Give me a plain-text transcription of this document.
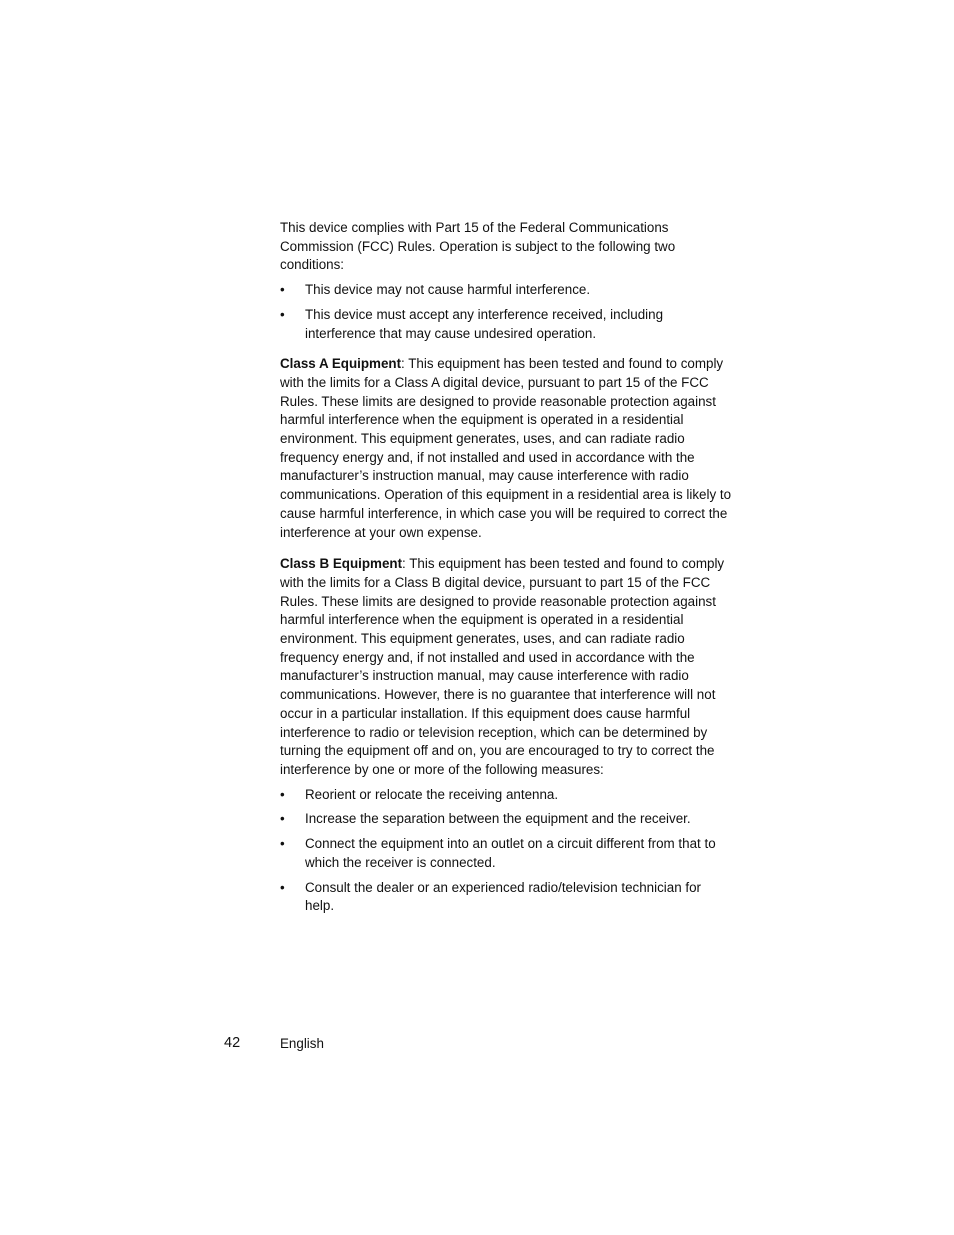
This device complies with Part 15 of the Federal Communications Commission (FCC) Rules. Operation is subject to the following two conditions:

• This device may not cause harmful interference.
• This device must accept any interference received, including interference that may cause undesired operation.

Class A Equipment: This equipment has been tested and found to comply with the limits for a Class A digital device, pursuant to part 15 of the FCC Rules. These limits are designed to provide reasonable protection against harmful interference when the equipment is operated in a residential environment. This equipment generates, uses, and can radiate radio frequency energy and, if not installed and used in accordance with the manufacturer’s instruction manual, may cause interference with radio communications. Operation of this equipment in a residential area is likely to cause harmful interference, in which case you will be required to correct the interference at your own expense.

Class B Equipment: This equipment has been tested and found to comply with the limits for a Class B digital device, pursuant to part 15 of the FCC Rules. These limits are designed to provide reasonable protection against harmful interference when the equipment is operated in a residential environment. This equipment generates, uses, and can radiate radio frequency energy and, if not installed and used in accordance with the manufacturer’s instruction manual, may cause interference with radio communications. However, there is no guarantee that interference will not occur in a particular installation. If this equipment does cause harmful interference to radio or television reception, which can be determined by turning the equipment off and on, you are encouraged to try to correct the interference by one or more of the following measures:

• Reorient or relocate the receiving antenna.
• Increase the separation between the equipment and the receiver.
• Connect the equipment into an outlet on a circuit different from that to which the receiver is connected.
• Consult the dealer or an experienced radio/television technician for help.
42	English
